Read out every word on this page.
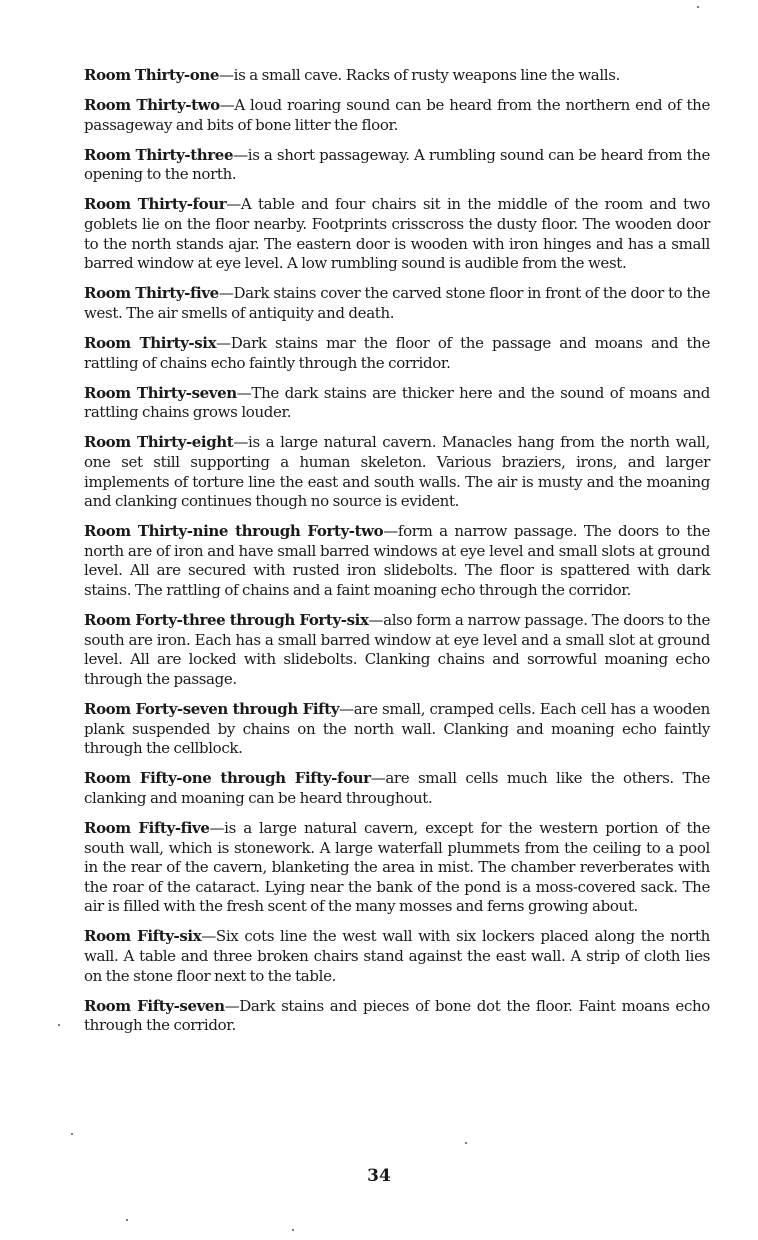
Room Thirty-one—is a small cave. Racks of rusty weapons line the walls.

Room Thirty-two—A loud roaring sound can be heard from the northern end of the passageway and bits of bone litter the floor.

Room Thirty-three—is a short passageway. A rumbling sound can be heard from the opening to the north.

Room Thirty-four—A table and four chairs sit in the middle of the room and two goblets lie on the floor nearby. Footprints crisscross the dusty floor. The wooden door to the north stands ajar. The eastern door is wooden with iron hinges and has a small barred window at eye level. A low rumbling sound is audible from the west.

Room Thirty-five—Dark stains cover the carved stone floor in front of the door to the west. The air smells of antiquity and death.

Room Thirty-six—Dark stains mar the floor of the passage and moans and the rattling of chains echo faintly through the corridor.

Room Thirty-seven—The dark stains are thicker here and the sound of moans and rattling chains grows louder.

Room Thirty-eight—is a large natural cavern. Manacles hang from the north wall, one set still supporting a human skeleton. Various braziers, irons, and larger implements of torture line the east and south walls. The air is musty and the moaning and clanking continues though no source is evident.

Room Thirty-nine through Forty-two—form a narrow passage. The doors to the north are of iron and have small barred windows at eye level and small slots at ground level. All are secured with rusted iron slidebolts. The floor is spattered with dark stains. The rattling of chains and a faint moaning echo through the corridor.

Room Forty-three through Forty-six—also form a narrow passage. The doors to the south are iron. Each has a small barred window at eye level and a small slot at ground level. All are locked with slidebolts. Clanking chains and sorrowful moaning echo through the passage.

Room Forty-seven through Fifty—are small, cramped cells. Each cell has a wooden plank suspended by chains on the north wall. Clanking and moaning echo faintly through the cellblock.

Room Fifty-one through Fifty-four—are small cells much like the others. The clanking and moaning can be heard throughout.

Room Fifty-five—is a large natural cavern, except for the western portion of the south wall, which is stonework. A large waterfall plummets from the ceiling to a pool in the rear of the cavern, blanketing the area in mist. The chamber reverberates with the roar of the cataract. Lying near the bank of the pond is a moss-covered sack. The air is filled with the fresh scent of the many mosses and ferns growing about.

Room Fifty-six—Six cots line the west wall with six lockers placed along the north wall. A table and three broken chairs stand against the east wall. A strip of cloth lies on the stone floor next to the table.

Room Fifty-seven—Dark stains and pieces of bone dot the floor. Faint moans echo through the corridor.

34
